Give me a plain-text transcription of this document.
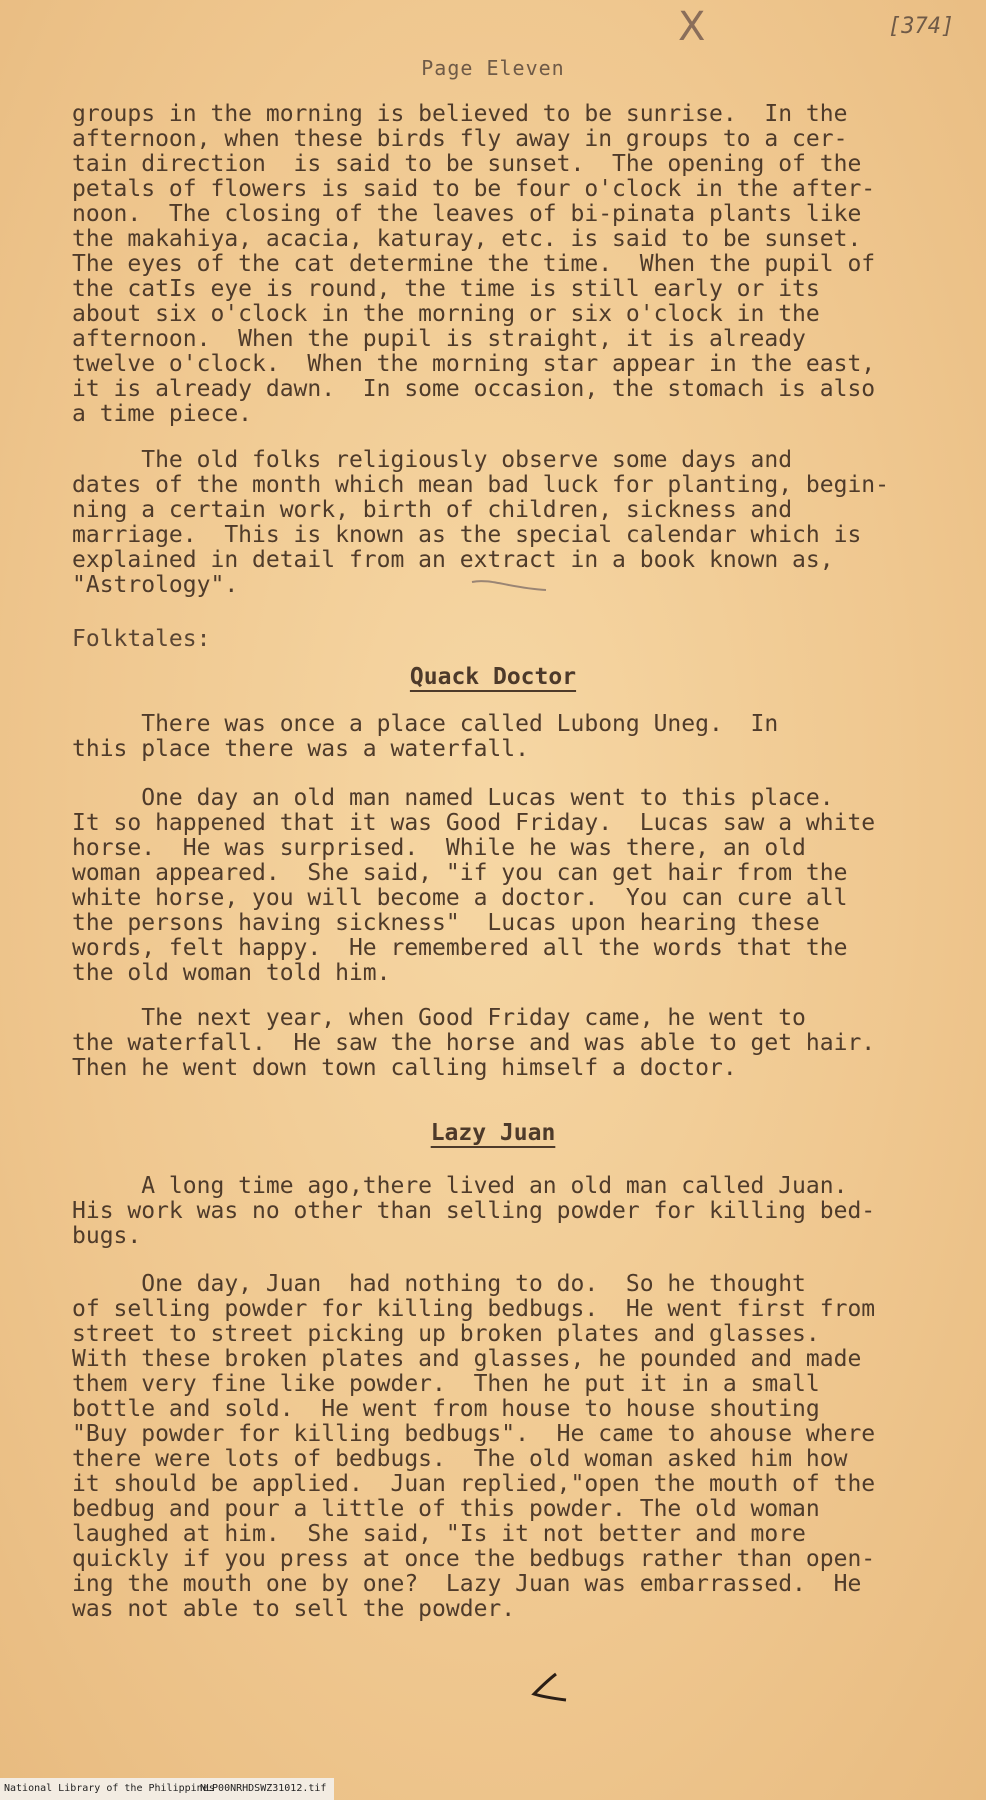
X	[374]
Page Eleven

groups in the morning is believed to be sunrise.  In the
afternoon, when these birds fly away in groups to a cer-
tain direction  is said to be sunset.  The opening of the
petals of flowers is said to be four o'clock in the after-
noon.  The closing of the leaves of bi-pinata plants like
the makahiya, acacia, katuray, etc. is said to be sunset.
The eyes of the cat determine the time.  When the pupil of
the catIs eye is round, the time is still early or its
about six o'clock in the morning or six o'clock in the
afternoon.  When the pupil is straight, it is already
twelve o'clock.  When the morning star appear in the east,
it is already dawn.  In some occasion, the stomach is also
a time piece.

The old folks religiously observe some days and
dates of the month which mean bad luck for planting, begin-
ning a certain work, birth of children, sickness and
marriage.  This is known as the special calendar which is
explained in detail from an extract in a book known as,
"Astrology".

Folktales:
Quack Doctor

There was once a place called Lubong Uneg.  In
this place there was a waterfall.

One day an old man named Lucas went to this place.
It so happened that it was Good Friday.  Lucas saw a white
horse.  He was surprised.  While he was there, an old
woman appeared.  She said, "if you can get hair from the
white horse, you will become a doctor.  You can cure all
the persons having sickness"  Lucas upon hearing these
words, felt happy.  He remembered all the words that the
the old woman told him.

The next year, when Good Friday came, he went to
the waterfall.  He saw the horse and was able to get hair.
Then he went down town calling himself a doctor.

Lazy Juan

A long time ago,there lived an old man called Juan.
His work was no other than selling powder for killing bed-
bugs.

One day, Juan  had nothing to do.  So he thought
of selling powder for killing bedbugs.  He went first from
street to street picking up broken plates and glasses.
With these broken plates and glasses, he pounded and made
them very fine like powder.  Then he put it in a small
bottle and sold.  He went from house to house shouting
"Buy powder for killing bedbugs".  He came to ahouse where
there were lots of bedbugs.  The old woman asked him how
it should be applied.  Juan replied,"open the mouth of the
bedbug and pour a little of this powder. The old woman
laughed at him.  She said, "Is it not better and more
quickly if you press at once the bedbugs rather than open-
ing the mouth one by one?  Lazy Juan was embarrassed.  He
was not able to sell the powder.

National Library of the Philippines
NLP00NRHDSWZ31012.tif
